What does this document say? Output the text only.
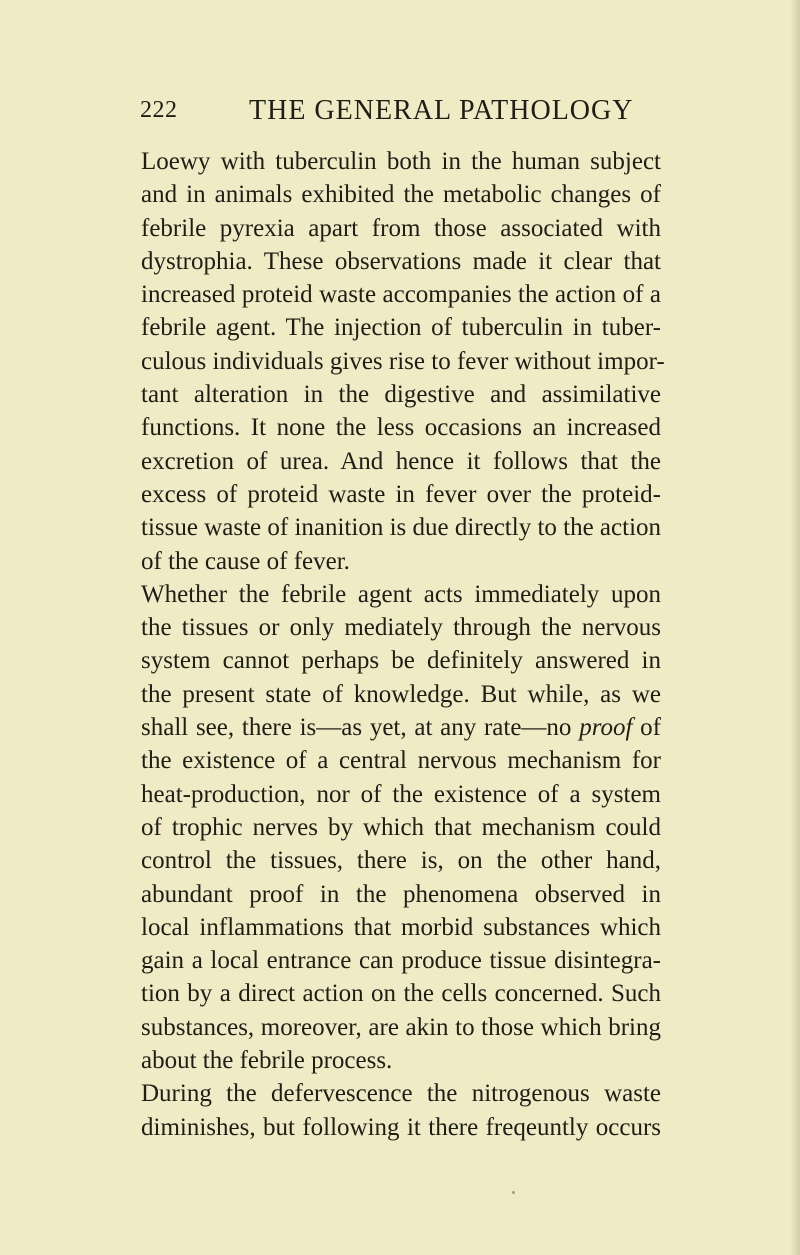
222	THE GENERAL PATHOLOGY
Loewy with tuberculin both in the human subject
and in animals exhibited the metabolic changes of
febrile pyrexia apart from those associated with
dystrophia. These observations made it clear that
increased proteid waste accompanies the action of a
febrile agent. The injection of tuberculin in tuber-
culous individuals gives rise to fever without impor-
tant alteration in the digestive and assimilative
functions. It none the less occasions an increased
excretion of urea. And hence it follows that the
excess of proteid waste in fever over the proteid-
tissue waste of inanition is due directly to the action
of the cause of fever.
Whether the febrile agent acts immediately upon
the tissues or only mediately through the nervous
system cannot perhaps be definitely answered in
the present state of knowledge. But while, as we
shall see, there is—as yet, at any rate—no proof of
the existence of a central nervous mechanism for
heat-production, nor of the existence of a system
of trophic nerves by which that mechanism could
control the tissues, there is, on the other hand,
abundant proof in the phenomena observed in
local inflammations that morbid substances which
gain a local entrance can produce tissue disintegra-
tion by a direct action on the cells concerned. Such
substances, moreover, are akin to those which bring
about the febrile process.
During the defervescence the nitrogenous waste
diminishes, but following it there freqeuntly occurs
